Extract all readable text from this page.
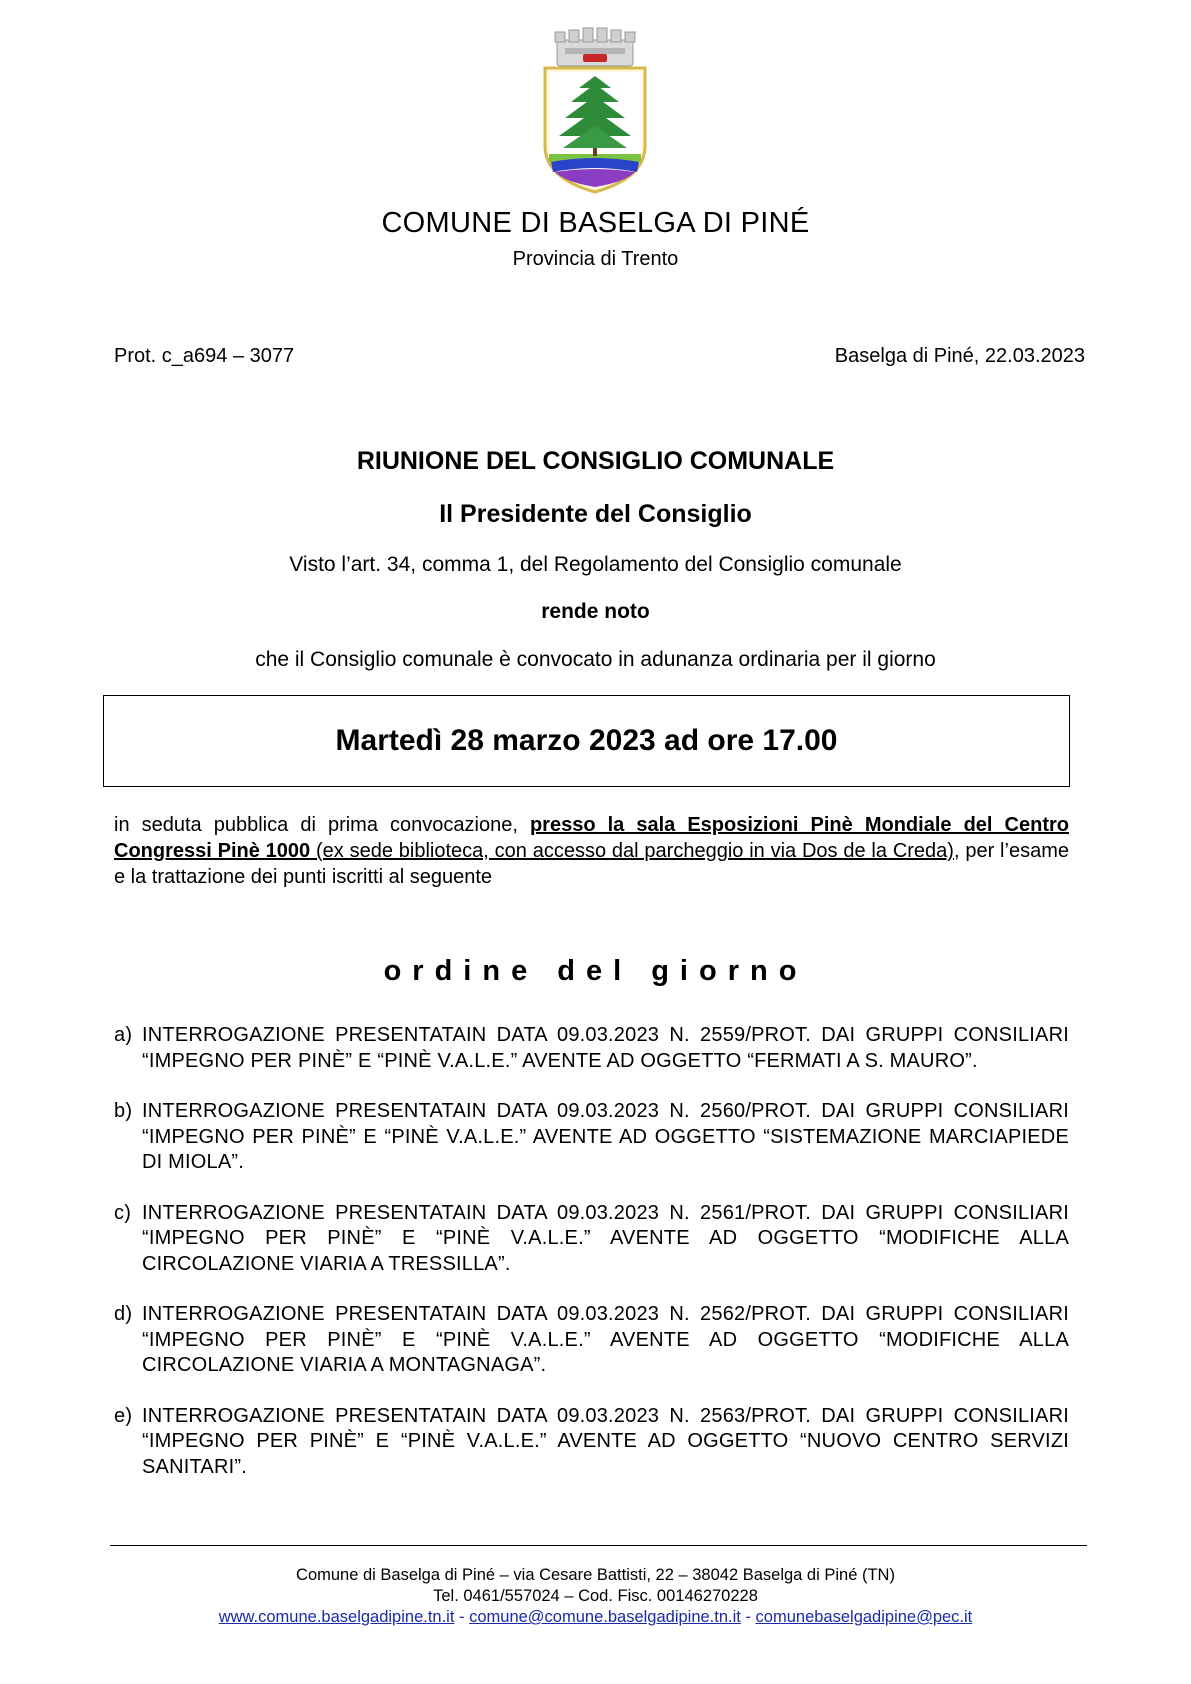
COMUNE DI BASELGA DI PINÉ
Provincia di Trento
Prot. c_a694 – 3077	Baselga di Piné, 22.03.2023
RIUNIONE DEL CONSIGLIO COMUNALE
Il Presidente del Consiglio
Visto l’art. 34, comma 1, del Regolamento del Consiglio comunale
rende noto
che il Consiglio comunale è convocato in adunanza ordinaria per il giorno
Martedì 28 marzo 2023 ad ore 17.00
in seduta pubblica di prima convocazione, presso la sala Esposizioni Pinè Mondiale del Centro Congressi Pinè 1000 (ex sede biblioteca, con accesso dal parcheggio in via Dos de la Creda), per l’esame e la trattazione dei punti iscritti al seguente
ordine del giorno
a) INTERROGAZIONE PRESENTATAIN DATA 09.03.2023 N. 2559/PROT. DAI GRUPPI CONSILIARI “IMPEGNO PER PINÈ” E “PINÈ V.A.L.E.” AVENTE AD OGGETTO “FERMATI A S. MAURO”.
b) INTERROGAZIONE PRESENTATAIN DATA 09.03.2023 N. 2560/PROT. DAI GRUPPI CONSILIARI “IMPEGNO PER PINÈ” E “PINÈ V.A.L.E.” AVENTE AD OGGETTO “SISTEMAZIONE MARCIAPIEDE DI MIOLA”.
c) INTERROGAZIONE PRESENTATAIN DATA 09.03.2023 N. 2561/PROT. DAI GRUPPI CONSILIARI “IMPEGNO PER PINÈ” E “PINÈ V.A.L.E.” AVENTE AD OGGETTO “MODIFICHE ALLA CIRCOLAZIONE VIARIA A TRESSILLA”.
d) INTERROGAZIONE PRESENTATAIN DATA 09.03.2023 N. 2562/PROT. DAI GRUPPI CONSILIARI “IMPEGNO PER PINÈ” E “PINÈ V.A.L.E.” AVENTE AD OGGETTO “MODIFICHE ALLA CIRCOLAZIONE VIARIA A MONTAGNAGA”.
e) INTERROGAZIONE PRESENTATAIN DATA 09.03.2023 N. 2563/PROT. DAI GRUPPI CONSILIARI “IMPEGNO PER PINÈ” E “PINÈ V.A.L.E.” AVENTE AD OGGETTO “NUOVO CENTRO SERVIZI SANITARI”.
Comune di Baselga di Piné – via Cesare Battisti, 22 – 38042 Baselga di Piné (TN)
Tel. 0461/557024 – Cod. Fisc. 00146270228
www.comune.baselgadipine.tn.it - comune@comune.baselgadipine.tn.it - comunebaselgadipine@pec.it
